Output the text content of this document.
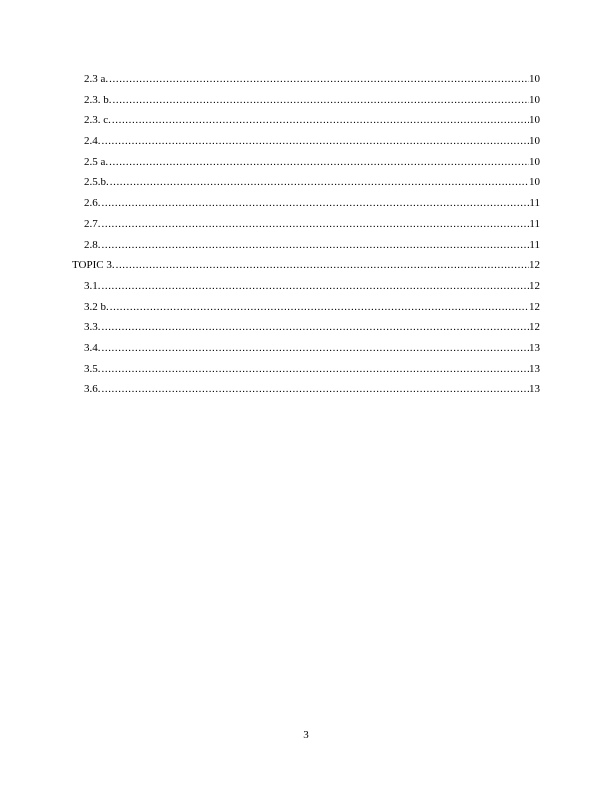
2.3 a. .....	10
2.3. b. .....	10
2.3. c. .....	10
2.4. .....	10
2.5 a. .....	10
2.5.b. .....	10
2.6. .....	11
2.7. .....	11
2.8. .....	11
TOPIC 3. .....	12
3.1. .....	12
3.2 b. .....	12
3.3. .....	12
3.4. .....	13
3.5. .....	13
3.6. .....	13
3
